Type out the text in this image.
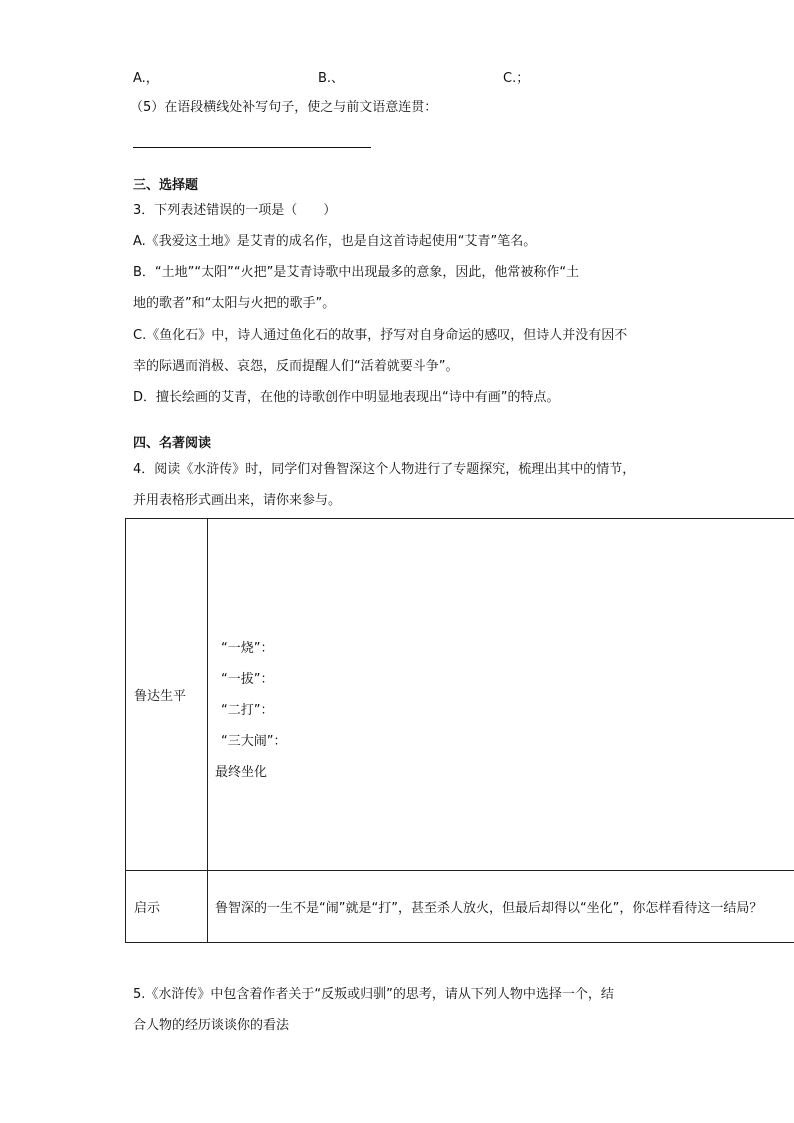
A.，	B.、	C.；
（5）在语段横线处补写句子，使之与前文语意连贯：
三、选择题
3．下列表述错误的一项是（　　）
A.《我爱这土地》是艾青的成名作，也是自这首诗起使用“艾青”笔名。
B．“土地”“太阳”“火把”是艾青诗歌中出现最多的意象，因此，他常被称作“土
地的歌者”和“太阳与火把的歌手”。
C.《鱼化石》中，诗人通过鱼化石的故事，抒写对自身命运的感叹，但诗人并没有因不
幸的际遇而消极、哀怨，反而提醒人们“活着就要斗争”。
D．擅长绘画的艾青，在他的诗歌创作中明显地表现出“诗中有画”的特点。
四、名著阅读
4．阅读《水浒传》时，同学们对鲁智深这个人物进行了专题探究，梳理出其中的情节，
并用表格形式画出来，请你来参与。
鲁达生平	“一烧”：
“一拔”：
“二打”：
“三大闹”：
最终坐化

启示	鲁智深的一生不是“闹”就是“打”，甚至杀人放火，但最后却得以“坐化”，你怎样看待这一结局？
5.《水浒传》中包含着作者关于“反叛或归驯”的思考，请从下列人物中选择一个，结
合人物的经历谈谈你的看法
